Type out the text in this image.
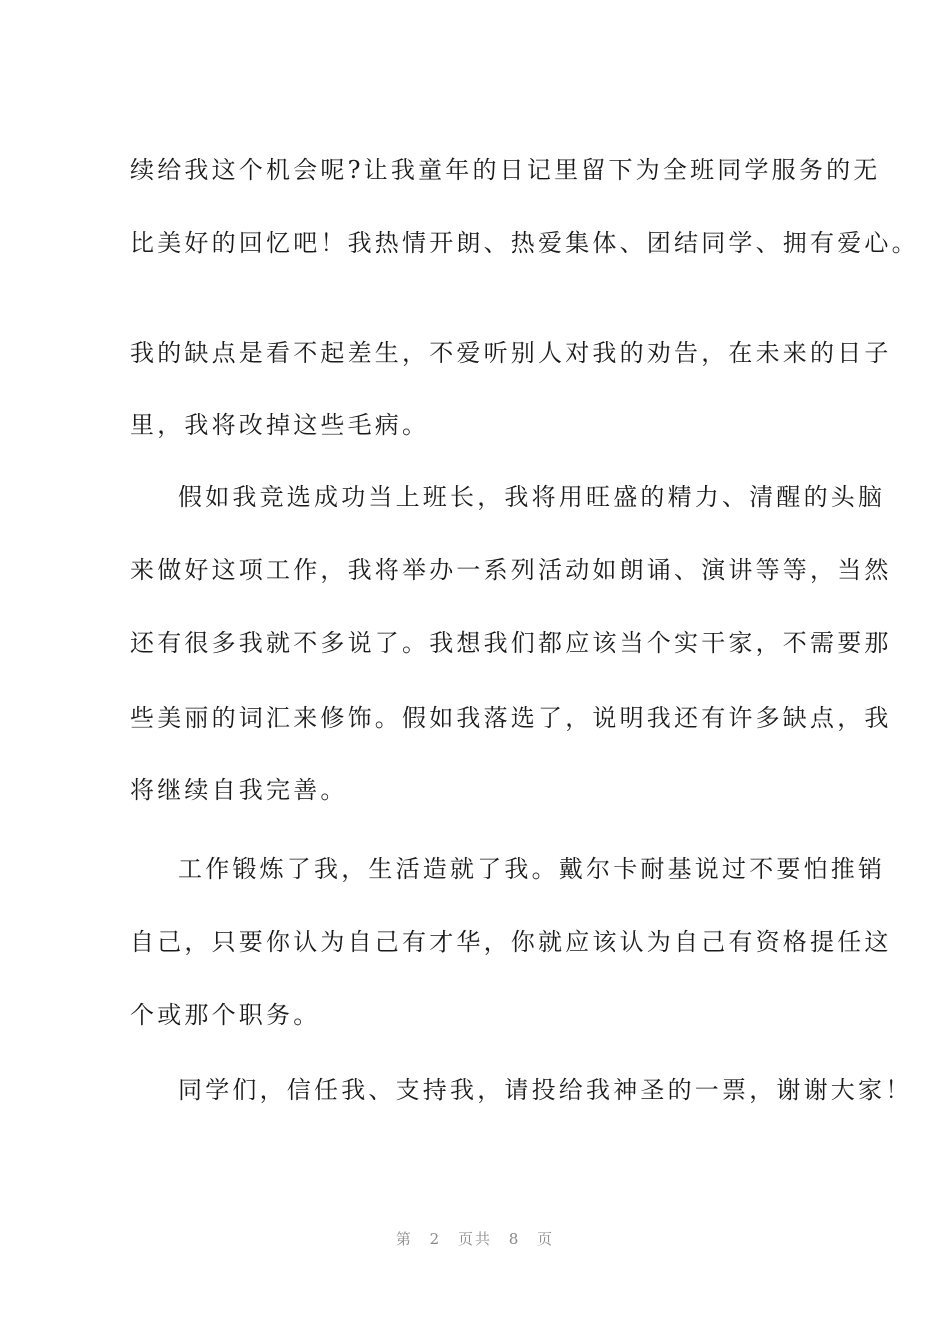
续给我这个机会呢?让我童年的日记里留下为全班同学服务的无
比美好的回忆吧！我热情开朗、热爱集体、团结同学、拥有爱心。
我的缺点是看不起差生，不爱听别人对我的劝告，在未来的日子
里，我将改掉这些毛病。
假如我竞选成功当上班长，我将用旺盛的精力、清醒的头脑
来做好这项工作，我将举办一系列活动如朗诵、演讲等等，当然
还有很多我就不多说了。我想我们都应该当个实干家，不需要那
些美丽的词汇来修饰。假如我落选了，说明我还有许多缺点，我
将继续自我完善。
工作锻炼了我，生活造就了我。戴尔卡耐基说过不要怕推销
自己，只要你认为自己有才华，你就应该认为自己有资格提任这
个或那个职务。
同学们，信任我、支持我，请投给我神圣的一票，谢谢大家！
第 2 页共 8 页
